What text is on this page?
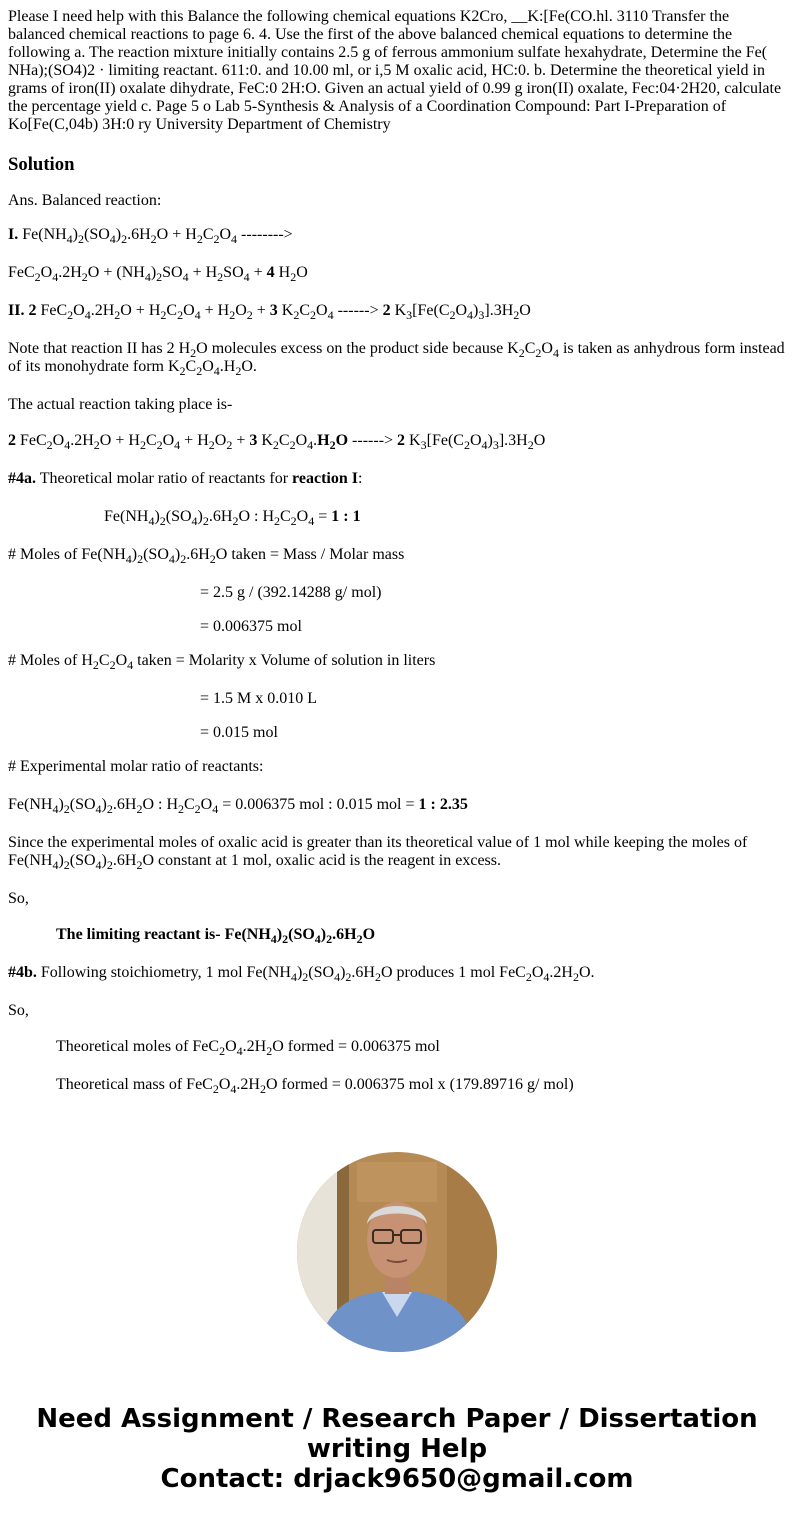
Please I need help with this Balance the following chemical equations K2Cro, __K:[Fe(CO.hl. 3110 Transfer the balanced chemical reactions to page 6. 4. Use the first of the above balanced chemical equations to determine the following a. The reaction mixture initially contains 2.5 g of ferrous ammonium sulfate hexahydrate, Determine the Fe( NHa);(SO4)2 · limiting reactant. 611:0. and 10.00 ml, or i,5 M oxalic acid, HC:0. b. Determine the theoretical yield in grams of iron(II) oxalate dihydrate, FeC:0 2H:O. Given an actual yield of 0.99 g iron(II) oxalate, Fec:04·2H20, calculate the percentage yield c. Page 5 o Lab 5-Synthesis & Analysis of a Coordination Compound: Part I-Preparation of Ko[Fe(C,04b) 3H:0 ry University Department of Chemistry
Solution

Ans. Balanced reaction:

I. $Fe(NH_4)_2(SO_4)_2.6H_2O + H_2C_2O_4$ -------->

$FeC_2O_4.2H_2O + (NH_4)_2SO_4 + H_2SO_4 + 4$ $H_2O$

II. 2 $FeC_2O_4.2H_2O + H_2C_2O_4 + H_2O_2 + 3$ $K_2C_2O_4$ ------> 2 $K_3[Fe(C_2O_4)_3].3H_2O$

Note that reaction II has 2 $H_2O$ molecules excess on the product side because $K_2C_2O_4$ is taken as anhydrous form instead of its monohydrate form $K_2C_2O_4.H_2O$.

The actual reaction taking place is-

2 $FeC_2O_4.2H_2O + H_2C_2O_4 + H_2O_2 + 3$ $K_2C_2O_4.H_2O$ ------> 2 $K_3[Fe(C_2O_4)_3].3H_2O$

#4a. Theoretical molar ratio of reactants for reaction I:

$Fe(NH_4)_2(SO_4)_2.6H_2O$ : $H_2C_2O_4 = 1$ : 1

# Moles of $Fe(NH_4)_2(SO_4)_2.6H_2O$ taken = Mass / Molar mass

= 2.5 g / (392.14288 g/ mol)

= 0.006375 mol

# Moles of $H_2C_2O_4$ taken = Molarity x Volume of solution in liters

= 1.5 M x 0.010 L

= 0.015 mol

# Experimental molar ratio of reactants:

$Fe(NH_4)_2(SO_4)_2.6H_2O$ : $H_2C_2O_4 = 0.006375$ mol : 0.015 mol = 1 : 2.35

Since the experimental moles of oxalic acid is greater than its theoretical value of 1 mol while keeping the moles of $Fe(NH_4)_2(SO_4)_2.6H_2O$ constant at 1 mol, oxalic acid is the reagent in excess.

So,

The limiting reactant is- $Fe(NH_4)_2(SO_4)_2.6H_2O$

#4b. Following stoichiometry, 1 mol $Fe(NH_4)_2(SO_4)_2.6H_2O$ produces 1 mol $FeC_2O_4.2H_2O$.

So,

Theoretical moles of $FeC_2O_4.2H_2O$ formed = 0.006375 mol

Theoretical mass of $FeC_2O_4.2H_2O$ formed = 0.006375 mol x (179.89716 g/ mol)

Need Assignment / Research Paper / Dissertation
writing Help
Contact: drjack9650@gmail.com
